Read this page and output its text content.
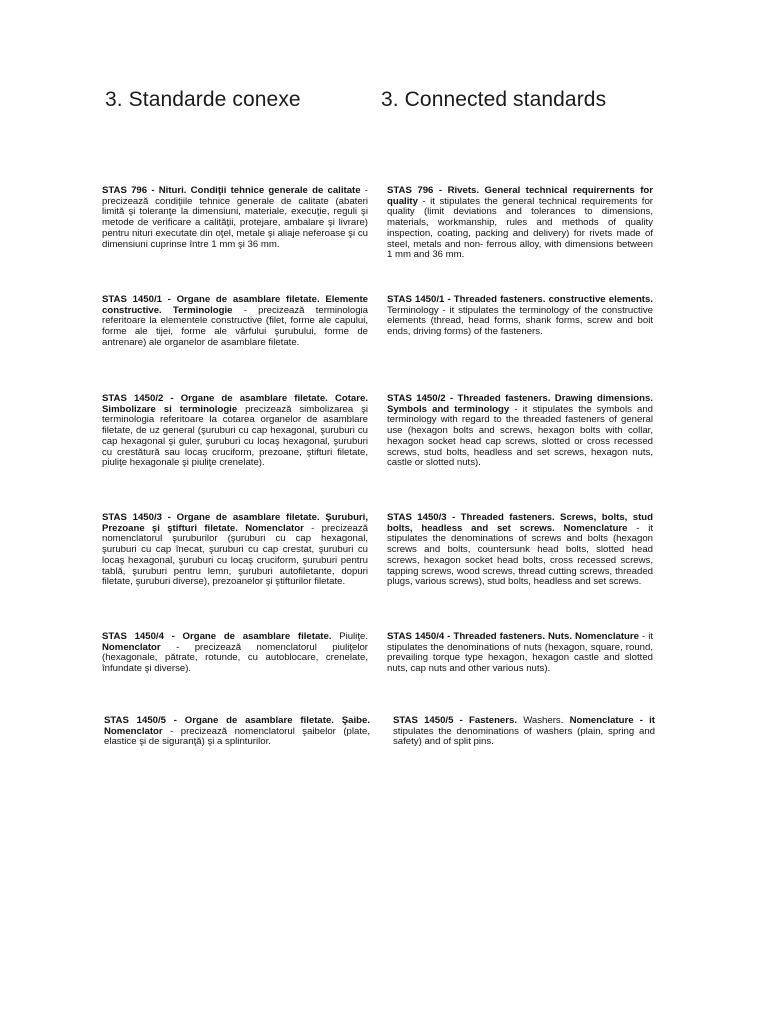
3. Standarde conexe	3. Connected standards

STAS 796 - Nituri. Condiţii tehnice generale de calitate - precizează condiţiile tehnice generale de calitate (abateri limită şi toleranţe la dimensiuni, materiale, execuţie, reguli şi metode de verificare a calităţii, protejare, ambalare şi livrare) pentru nituri executate din oţel, metale şi aliaje neferoase şi cu dimensiuni cuprinse între 1 mm şi 36 mm.

STAS 796 - Rivets. General technical requirernents for quality - it stipulates the general technical requirements for quality (limit deviations and tolerances to dimensions, materials, workmanship, rules and methods of quality inspection, coating, packing and delivery) for rivets made of steel, metals and non- ferrous alloy, with dimensions between 1 mm and 36 mm.

STAS 1450/1 - Organe de asamblare filetate. Elemente constructive. Terminologie - precizează terminologia referitoare la elementele constructive (filet, forme ale capului, forme ale tijei, forme ale vârfului şurubului, forme de antrenare) ale organelor de asamblare filetate.

STAS 1450/1 - Threaded fasteners. constructive elements. Terminology - it stipulates the terminology of the constructive elements (thread, head forms, shank forms, screw and boit ends, driving forms) of the fasteners.

STAS 1450/2 - Organe de asamblare filetate. Cotare. Simbolizare si terminologie precizează simbolizarea şi terminologia referitoare la cotarea organelor de asamblare filetate, de uz general (şuruburi cu cap hexagonal, şuruburi cu cap hexagonal şi guler, şuruburi cu locaş hexagonal, şuruburi cu crestătură sau locaş cruciform, prezoane, ştifturi filetate, piuliţe hexagonale şi piuliţe crenelate).

STAS 1450/2 - Threaded fasteners. Drawing dimensions. Symbols and terminology - it stipulates the symbols and terminology with regard to the threaded fasteners of general use (hexagon bolts and screws, hexagon bolts with collar, hexagon socket head cap screws, slotted or cross recessed screws, stud bolts, headless and set screws, hexagon nuts, castle or slotted nuts).

STAS 1450/3 - Organe de asamblare filetate. Şuruburi, Prezoane şi ştifturi filetate. Nomenclator - precizează nomenclatorul şuruburilor (şuruburi cu cap hexagonal, şuruburi cu cap înecat, şuruburi cu cap crestat, şuruburi cu locaş hexagonal, şuruburi cu locaş cruciform, şuruburi pentru tablă, şuruburi pentru lemn, şuruburi autofiletante, dopuri filetate, şuruburi diverse), prezoanelor şi ştifturilor filetate.

STAS 1450/3 - Threaded fasteners. Screws, bolts, stud bolts, headless and set screws. Nomenclature - it stipulates the denominations of screws and bolts (hexagon screws and bolts, countersunk head bolts, slotted head screws, hexagon socket head bolts, cross recessed screws, tapping screws, wood screws, thread cutting screws, threaded plugs, various screws), stud bolts, headless and set screws.

STAS 1450/4 - Organe de asamblare filetate. Piuliţe. Nomenclator - precizează nomenclatorul piuliţelor (hexagonale, pătrate, rotunde, cu autoblocare, crenelate, înfundate şi diverse).

STAS 1450/4 - Threaded fasteners. Nuts. Nomenclature - it stipulates the denominations of nuts (hexagon, square, round, prevailing torque type hexagon, hexagon castle and slotted nuts, cap nuts and other various nuts).

STAS 1450/5 - Organe de asamblare filetate. Şaibe. Nomenclator - precizează nomenclatorul şaibelor (plate, elastice şi de siguranţă) şi a splinturilor.

STAS 1450/5 - Fasteners. Washers. Nomenclature - it stipulates the denominations of washers (plain, spring and safety) and of split pins.
